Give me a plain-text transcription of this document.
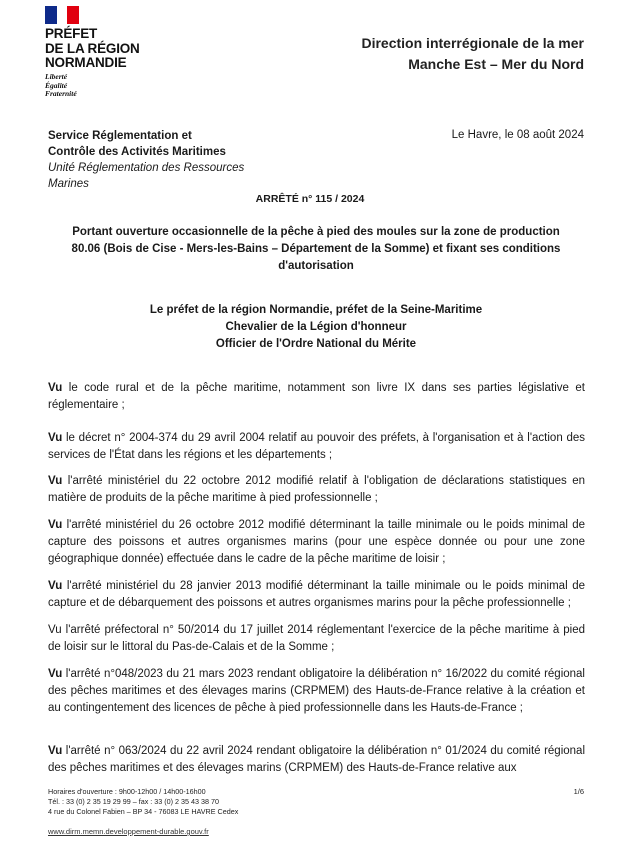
PRÉFET
DE LA RÉGION
NORMANDIE
Liberté
Égalité
Fraternité
Direction interrégionale de la mer
Manche Est – Mer du Nord
Service Réglementation et
Contrôle des Activités Maritimes
Unité Réglementation des Ressources
Marines
Le Havre, le 08 août 2024
ARRÊTÉ n° 115 / 2024
Portant ouverture occasionnelle de la pêche à pied des moules sur la zone de production
80.06 (Bois de Cise - Mers-les-Bains – Département de la Somme) et fixant ses conditions
d'autorisation
Le préfet de la région Normandie, préfet de la Seine-Maritime
Chevalier de la Légion d'honneur
Officier de l'Ordre National du Mérite
Vu le code rural et de la pêche maritime, notamment son livre IX dans ses parties législative et réglementaire ;
Vu le décret n° 2004-374 du 29 avril 2004 relatif au pouvoir des préfets, à l'organisation et à l'action des services de l'État dans les régions et les départements ;
Vu l'arrêté ministériel du 22 octobre 2012 modifié relatif à l'obligation de déclarations statistiques en matière de produits de la pêche maritime à pied professionnelle ;
Vu l'arrêté ministériel du 26 octobre 2012 modifié déterminant la taille minimale ou le poids minimal de capture des poissons et autres organismes marins (pour une espèce donnée ou pour une zone géographique donnée) effectuée dans le cadre de la pêche maritime de loisir ;
Vu l'arrêté ministériel du 28 janvier 2013 modifié déterminant la taille minimale ou le poids minimal de capture et de débarquement des poissons et autres organismes marins pour la pêche professionnelle ;
Vu l'arrêté préfectoral n° 50/2014 du 17 juillet 2014 réglementant l'exercice de la pêche maritime à pied de loisir sur le littoral du Pas-de-Calais et de la Somme ;
Vu l'arrêté n°048/2023 du 21 mars 2023 rendant obligatoire la délibération n° 16/2022 du comité régional des pêches maritimes et des élevages marins (CRPMEM) des Hauts-de-France relative à la création et au contingentement des licences de pêche à pied professionnelle dans les Hauts-de-France ;
Vu l'arrêté n° 063/2024 du 22 avril 2024 rendant obligatoire la délibération n° 01/2024 du comité régional des pêches maritimes et des élevages marins (CRPMEM) des Hauts-de-France relative aux
Horaires d'ouverture : 9h00-12h00 / 14h00-16h00
Tél. : 33 (0) 2 35 19 29 99 – fax : 33 (0) 2 35 43 38 70
4 rue du Colonel Fabien – BP 34 - 76083 LE HAVRE Cedex
1/6
www.dirm.memn.developpement-durable.gouv.fr
